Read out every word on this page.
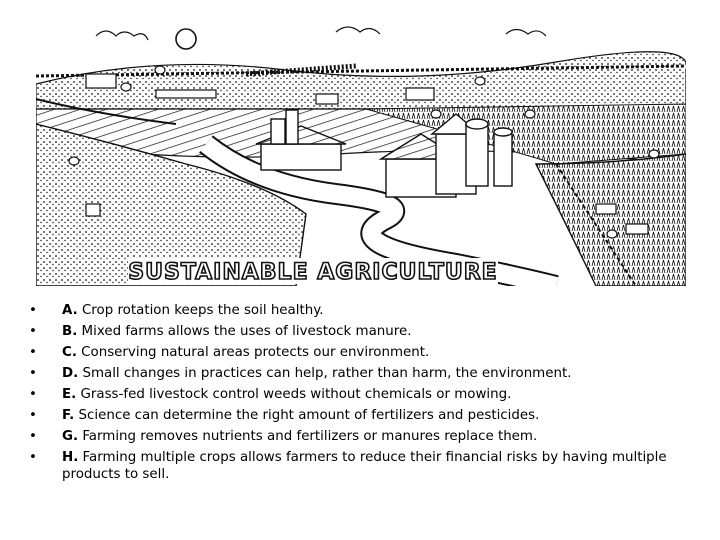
SUSTAINABLE AGRICULTURE
• A. Crop rotation keeps the soil healthy.
• B. Mixed farms allows the uses of livestock manure.
• C. Conserving natural areas protects our environment.
• D. Small changes in practices can help, rather than harm, the environment.
• E. Grass-fed livestock control weeds without chemicals or mowing.
• F. Science can determine the right amount of fertilizers and pesticides.
• G. Farming removes nutrients and fertilizers or manures replace them.
• H. Farming multiple crops allows farmers to reduce their financial risks by having multiple products to sell.
